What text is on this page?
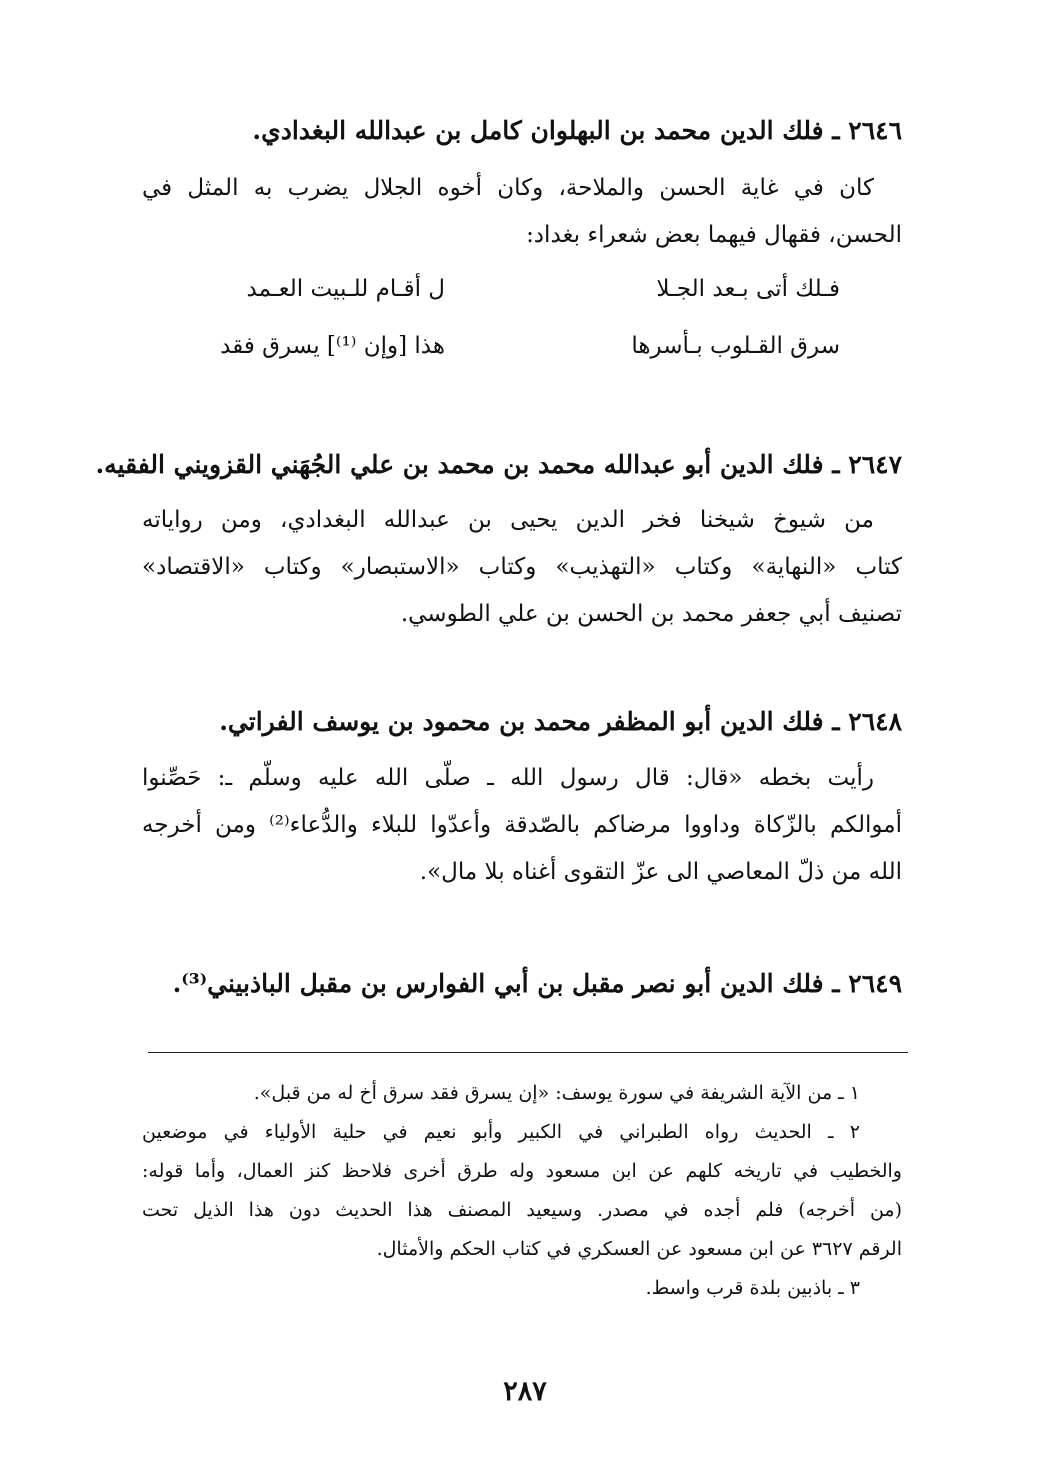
٢٦٤٦ ـ فلك الدين محمد بن البهلوان كامل بن عبدالله البغدادي.
كان في غاية الحسن والملاحة، وكان أخوه الجلال يضرب به المثل في
الحسن، فقهال فيهما بعض شعراء بغداد:
فـلك أتى بـعد الجـلا
ل أقـام للـبيت العـمد
سرق القـلوب بـأسرها
هذا [وإن ⁽¹⁾] يسرق فقد
٢٦٤٧ ـ فلك الدين أبو عبدالله محمد بن محمد بن علي الجُهَني القزويني الفقيه.
من شيوخ شيخنا فخر الدين يحيى بن عبدالله البغدادي، ومن رواياته
كتاب «النهاية» وكتاب «التهذيب» وكتاب «الاستبصار» وكتاب «الاقتصاد»
تصنيف أبي جعفر محمد بن الحسن بن علي الطوسي.
٢٦٤٨ ـ فلك الدين أبو المظفر محمد بن محمود بن يوسف الفراتي.
رأيت بخطه «قال: قال رسول الله ـ صلّى الله عليه وسلّم ـ: حَصِّنوا
أموالكم بالزّكاة وداووا مرضاكم بالصّدقة وأعدّوا للبلاء والدُّعاء⁽²⁾ ومن أخرجه
الله من ذلّ المعاصي الى عزّ التقوى أغناه بلا مال».
٢٦٤٩ ـ فلك الدين أبو نصر مقبل بن أبي الفوارس بن مقبل الباذبيني⁽³⁾.
١ ـ من الآية الشريفة في سورة يوسف: «إن يسرق فقد سرق أخ له من قبل».
٢ ـ الحديث رواه الطبراني في الكبير وأبو نعيم في حلية الأولياء في موضعين
والخطيب في تاريخه كلهم عن ابن مسعود وله طرق أخرى فلاحظ كنز العمال، وأما قوله:
(من أخرجه) فلم أجده في مصدر. وسيعيد المصنف هذا الحديث دون هذا الذيل تحت
الرقم ٣٦٢٧ عن ابن مسعود عن العسكري في كتاب الحكم والأمثال.
٣ ـ باذبين بلدة قرب واسط.
٢٨٧
